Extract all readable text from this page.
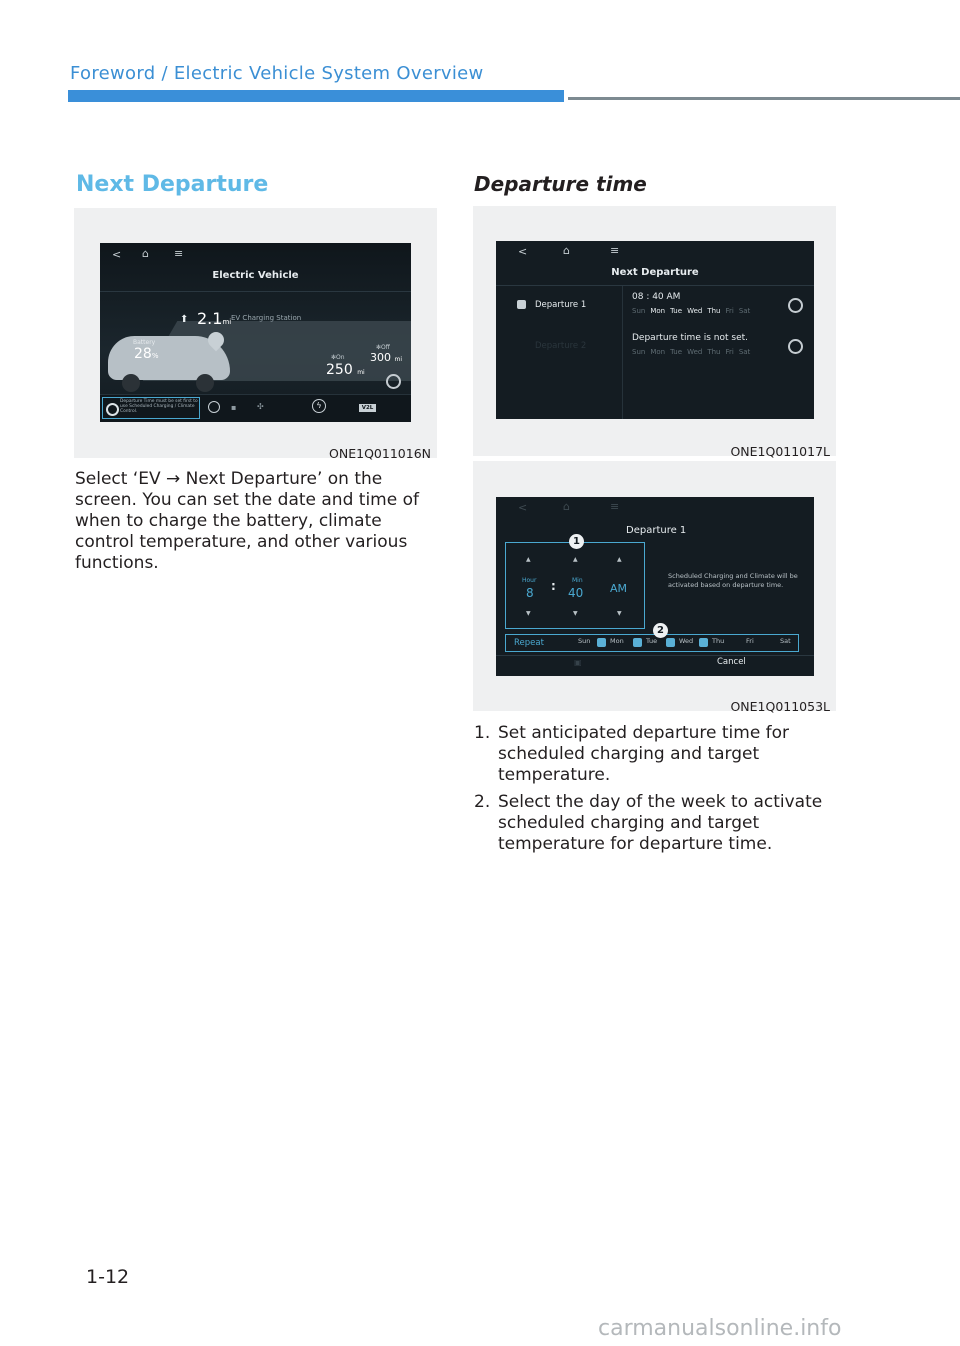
Foreword / Electric Vehicle System Overview
Next Departure
< ⌂ ≡
Electric Vehicle
Battery
28%
⬆ 2.1mi EV Charging Station
✻On
250 mi
✻Off
300 mi
Departure Time must be set first to use Scheduled Charging / Climate Control.	▪	✣	ϟ	V2L
ONE1Q011016N
Select ‘EV → Next Departure’ on the screen. You can set the date and time of when to charge the battery, climate control temperature, and other various functions.
Departure time
<	⌂	≡
Next Departure
Departure 1
08 : 40 AM
Sun Mon Tue Wed Thu Fri Sat
Departure 2
Departure time is not set.
Sun Mon Tue Wed Thu Fri Sat
ONE1Q011017L
<	⌂	≡
Departure 1
▲	▲	▲
Hour
8 :	Min
40 AM
▼	▼	▼
Scheduled Charging and Climate will be activated based on departure time.
Repeat	Sun	Mon	Tue	Wed	Thu	Fri	Sat
▣	Cancel
1
2
ONE1Q011053L
1. Set anticipated departure time for scheduled charging and target temperature.
2. Select the day of the week to activate scheduled charging and target temperature for departure time.
1-12
carmanualsonline.info
